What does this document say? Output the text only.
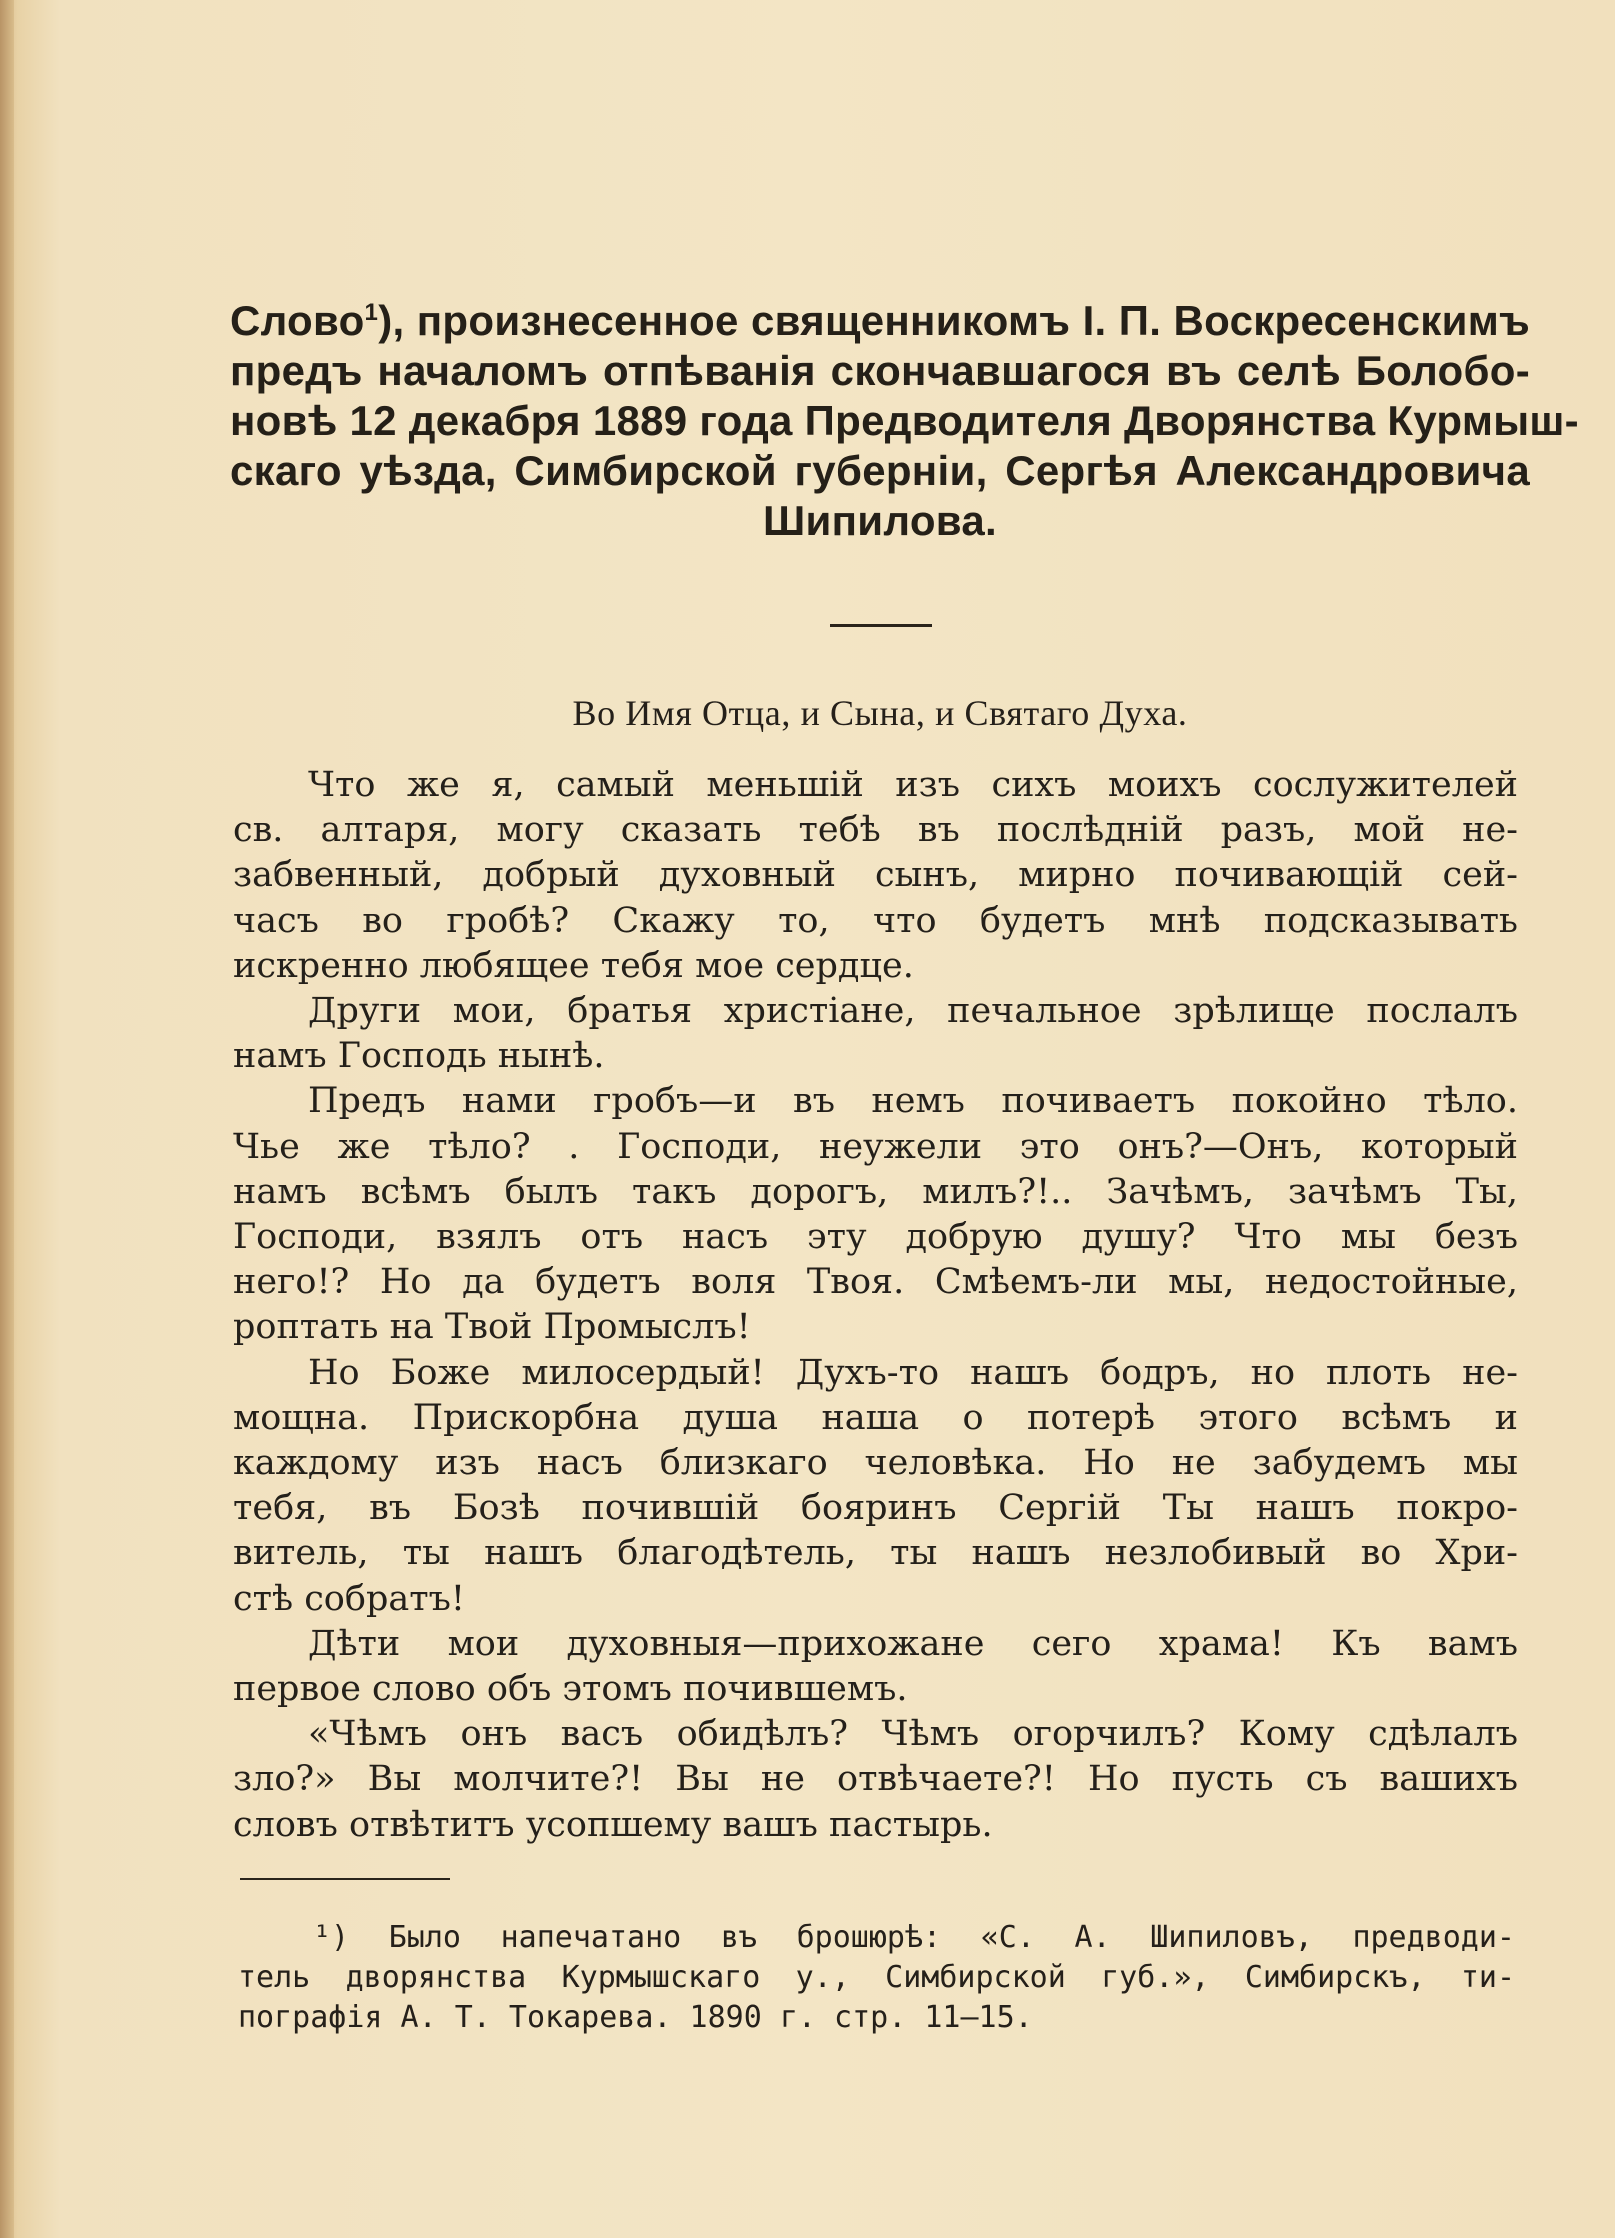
Слово$^1$), произнесенное священникомъ І. П. Воскресенскимъ
предъ началомъ отпѣванія скончавшагося въ селѣ Болобо-
новѣ 12 декабря 1889 года Предводителя Дворянства Курмыш-
скаго уѣзда, Симбирской губерніи, Сергѣя Александровича
Шипилова.
Во Имя Отца, и Сына, и Святаго Духа.
Что же я, самый меньшій изъ сихъ моихъ сослужителей
св. алтаря, могу сказать тебѣ въ послѣдній разъ, мой не-
забвенный, добрый духовный сынъ, мирно почивающій сей-
часъ во гробѣ? Скажу то, что будетъ мнѣ подсказывать
искренно любящее тебя мое сердце.
Други мои, братья христiане, печальное зрѣлище послалъ
намъ Господь нынѣ.
Предъ нами гробъ—и въ немъ почиваетъ покойно тѣло.
Чье же тѣло? . Господи, неужели это онъ?—Онъ, который
намъ всѣмъ былъ такъ дорогъ, милъ?!.. Зачѣмъ, зачѣмъ Ты,
Господи, взялъ отъ насъ эту добрую душу? Что мы безъ
него!? Но да будетъ воля Твоя. Смѣемъ-ли мы, недостойные,
роптать на Твой Промыслъ!
Но Боже милосердый! Духъ-то нашъ бодръ, но плоть не-
мощна. Прискорбна душа наша о потерѣ этого всѣмъ и
каждому изъ насъ близкаго человѣка. Но не забудемъ мы
тебя, въ Бозѣ почившій бояринъ Сергій Ты нашъ покро-
витель, ты нашъ благодѣтель, ты нашъ незлобивый во Хри-
стѣ собратъ!
Дѣти мои духовныя—прихожане сего храма! Къ вамъ
первое слово объ этомъ почившемъ.
«Чѣмъ онъ васъ обидѣлъ? Чѣмъ огорчилъ? Кому сдѣлалъ
зло?» Вы молчите?! Вы не отвѣчаете?! Но пусть съ вашихъ
словъ отвѣтитъ усопшему вашъ пастырь.
¹) Было напечатано въ брошюрѣ: «С. А. Шипиловъ, предводи-
тель дворянства Курмышскаго у., Симбирской губ.», Симбирскъ, ти-
пографія А. Т. Токарева. 1890 г. стр. 11—15.
